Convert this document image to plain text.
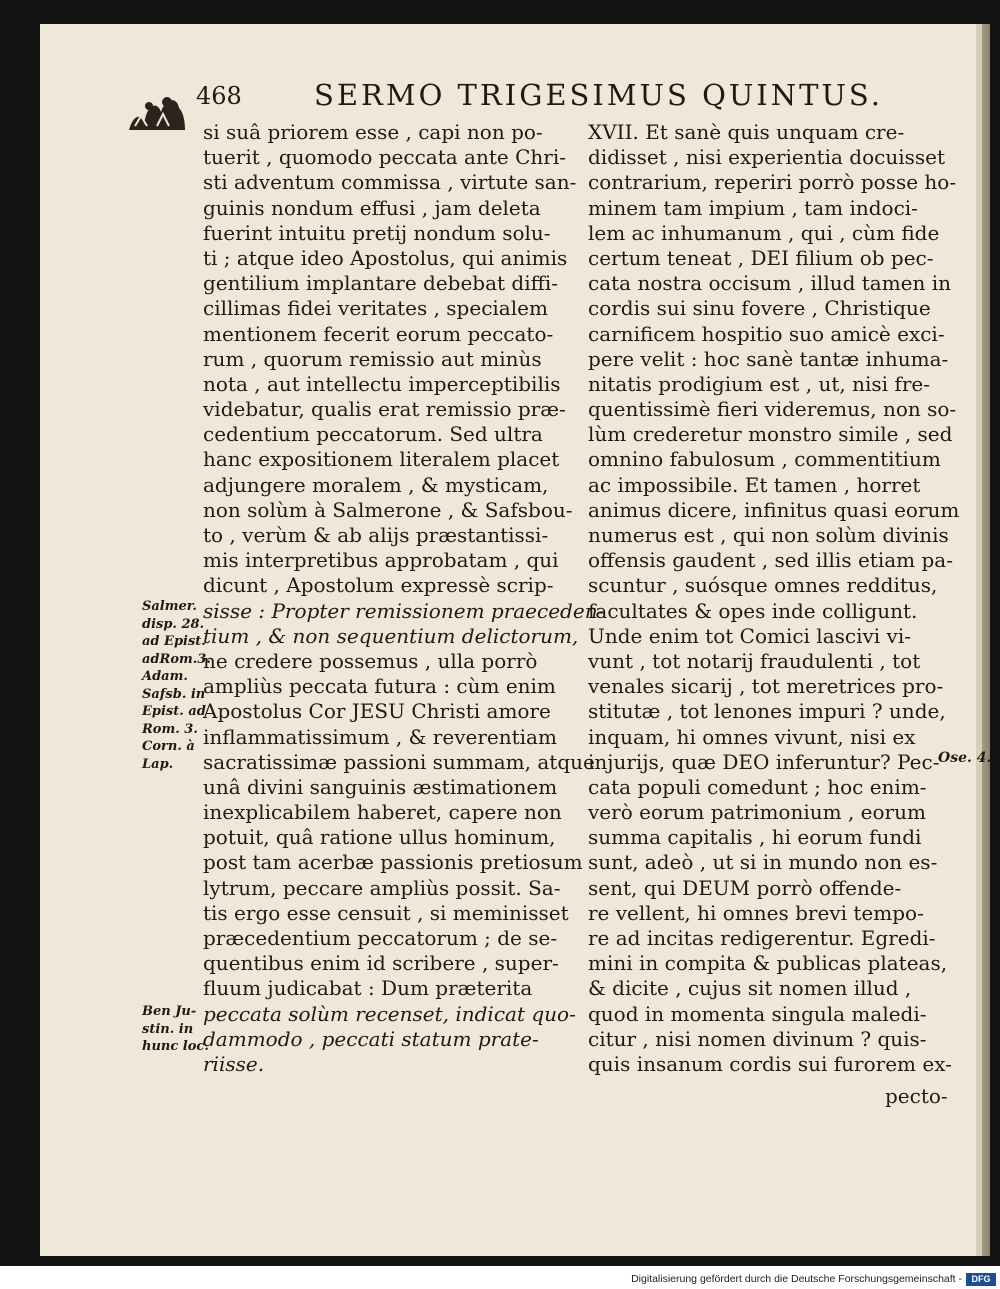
468 SERMO TRIGESIMUS QUINTUS.
si suâ priorem esse , capi non po-
tuerit , quomodo peccata ante Chri-
sti adventum commissa , virtute san-
guinis nondum effusi , jam deleta
fuerint intuitu pretij nondum solu-
ti ; atque ideo Apostolus, qui animis
gentilium implantare debebat diffi-
cillimas fidei veritates , specialem
mentionem fecerit eorum peccato-
rum , quorum remissio aut minùs
nota , aut intellectu imperceptibilis
videbatur, qualis erat remissio præ-
cedentium peccatorum. Sed ultra
hanc expositionem literalem placet
adjungere moralem , & mysticam,
non solùm à Salmerone , & Safsbou-
to , verùm & ab alijs præstantissi-
mis interpretibus approbatam , qui
dicunt , Apostolum expressè scrip-
sisse : Propter remissionem praeceden-
tium , & non sequentium delictorum,
ne credere possemus , ulla porrò
ampliùs peccata futura : cùm enim
Apostolus Cor JESU Christi amore
inflammatissimum , & reverentiam
sacratissimæ passioni summam, atque
unâ divini sanguinis æstimationem
inexplicabilem haberet, capere non
potuit, quâ ratione ullus hominum,
post tam acerbæ passionis pretiosum
lytrum, peccare ampliùs possit. Sa-
tis ergo esse censuit , si meminisset
præcedentium peccatorum ; de se-
quentibus enim id scribere , super-
fluum judicabat : Dum præterita
peccata solùm recenset, indicat quo-
dammodo , peccati statum prate-
riisse.
XVII. Et sanè quis unquam cre-
didisset , nisi experientia docuisset
contrarium, reperiri porrò posse ho-
minem tam impium , tam indoci-
lem ac inhumanum , qui , cùm fide
certum teneat , DEI filium ob pec-
cata nostra occisum , illud tamen in
cordis sui sinu fovere , Christique
carnificem hospitio suo amicè exci-
pere velit : hoc sanè tantæ inhuma-
nitatis prodigium est , ut, nisi fre-
quentissimè fieri videremus, non so-
lùm crederetur monstro simile , sed
omnino fabulosum , commentitium
ac impossibile. Et tamen , horret
animus dicere, infinitus quasi eorum
numerus est , qui non solùm divinis
offensis gaudent , sed illis etiam pa-
scuntur , suósque omnes redditus,
facultates & opes inde colligunt.
Unde enim tot Comici lascivi vi-
vunt , tot notarij fraudulenti , tot
venales sicarij , tot meretrices pro-
stitutæ , tot lenones impuri ? unde,
inquam, hi omnes vivunt, nisi ex
injurijs, quæ DEO inferuntur? Pec-
cata populi comedunt ; hoc enim-
verò eorum patrimonium , eorum
summa capitalis , hi eorum fundi
sunt, adeò , ut si in mundo non es-
sent, qui DEUM porrò offende-
re vellent, hi omnes brevi tempo-
re ad incitas redigerentur. Egredi-
mini in compita & publicas plateas,
& dicite , cujus sit nomen illud ,
quod in momenta singula maledi-
citur , nisi nomen divinum ? quis-
quis insanum cordis sui furorem ex-
pecto-
Salmer.
disp. 28.
ad Epist.
adRom.3.
Adam.
Safsb. in
Epist. ad
Rom. 3.
Corn. à
Lap.
Ben Ju-
stin. in
hunc loc.
Ose. 4.
Digitalisierung gefördert durch die Deutsche Forschungsgemeinschaft -	DFG
